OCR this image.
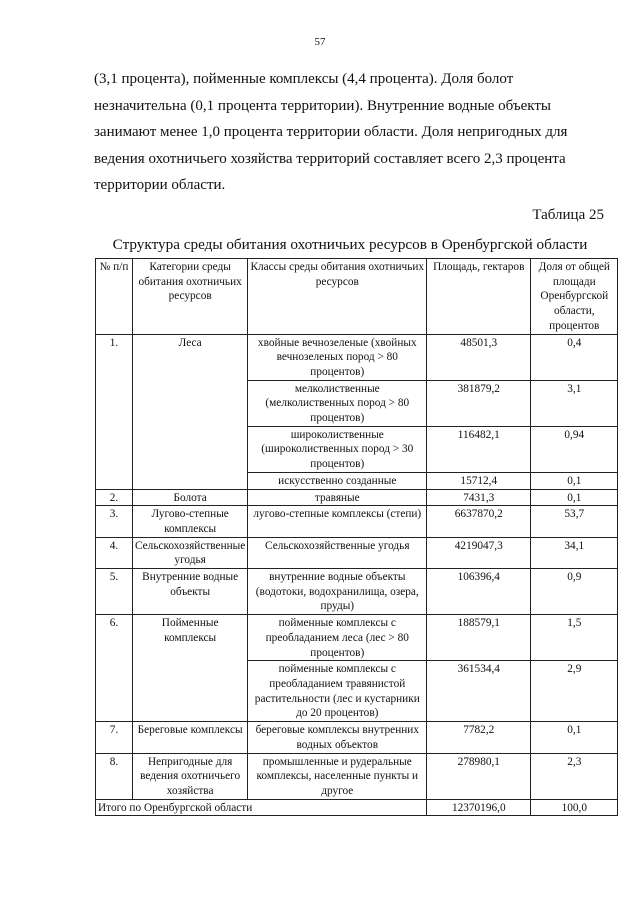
57
(3,1 процента), пойменные комплексы (4,4 процента). Доля болот
незначительна (0,1 процента территории). Внутренние водные объекты
занимают менее 1,0 процента территории области. Доля непригодных для
ведения охотничьего хозяйства территорий составляет всего 2,3 процента
территории области.
Таблица 25
Структура среды обитания охотничьих ресурсов в Оренбургской области
№ п/п	Категории среды обитания охотничьих ресурсов	Классы среды обитания охотничьих ресурсов	Площадь, гектаров	Доля от общей площади Оренбургской области, процентов
1.	Леса	хвойные вечнозеленые (хвойных вечнозеленых пород > 80 процентов)	48501,3	0,4
		мелколиственные (мелколиственных пород > 80 процентов)	381879,2	3,1
		широколиственные (широколиственных пород > 30 процентов)	116482,1	0,94
		искусственно созданные	15712,4	0,1
2.	Болота	травяные	7431,3	0,1
3.	Лугово-степные комплексы	лугово-степные комплексы (степи)	6637870,2	53,7
4.	Сельскохозяйственные угодья	Сельскохозяйственные угодья	4219047,3	34,1
5.	Внутренние водные объекты	внутренние водные объекты (водотоки, водохранилища, озера, пруды)	106396,4	0,9
6.	Пойменные комплексы	пойменные комплексы с преобладанием леса (лес > 80 процентов)	188579,1	1,5
		пойменные комплексы с преобладанием травянистой растительности (лес и кустарники до 20 процентов)	361534,4	2,9
7.	Береговые комплексы	береговые комплексы внутренних водных объектов	7782,2	0,1
8.	Непригодные для ведения охотничьего хозяйства	промышленные и рудеральные комплексы, населенные пункты и другое	278980,1	2,3
Итого по Оренбургской области			12370196,0	100,0
